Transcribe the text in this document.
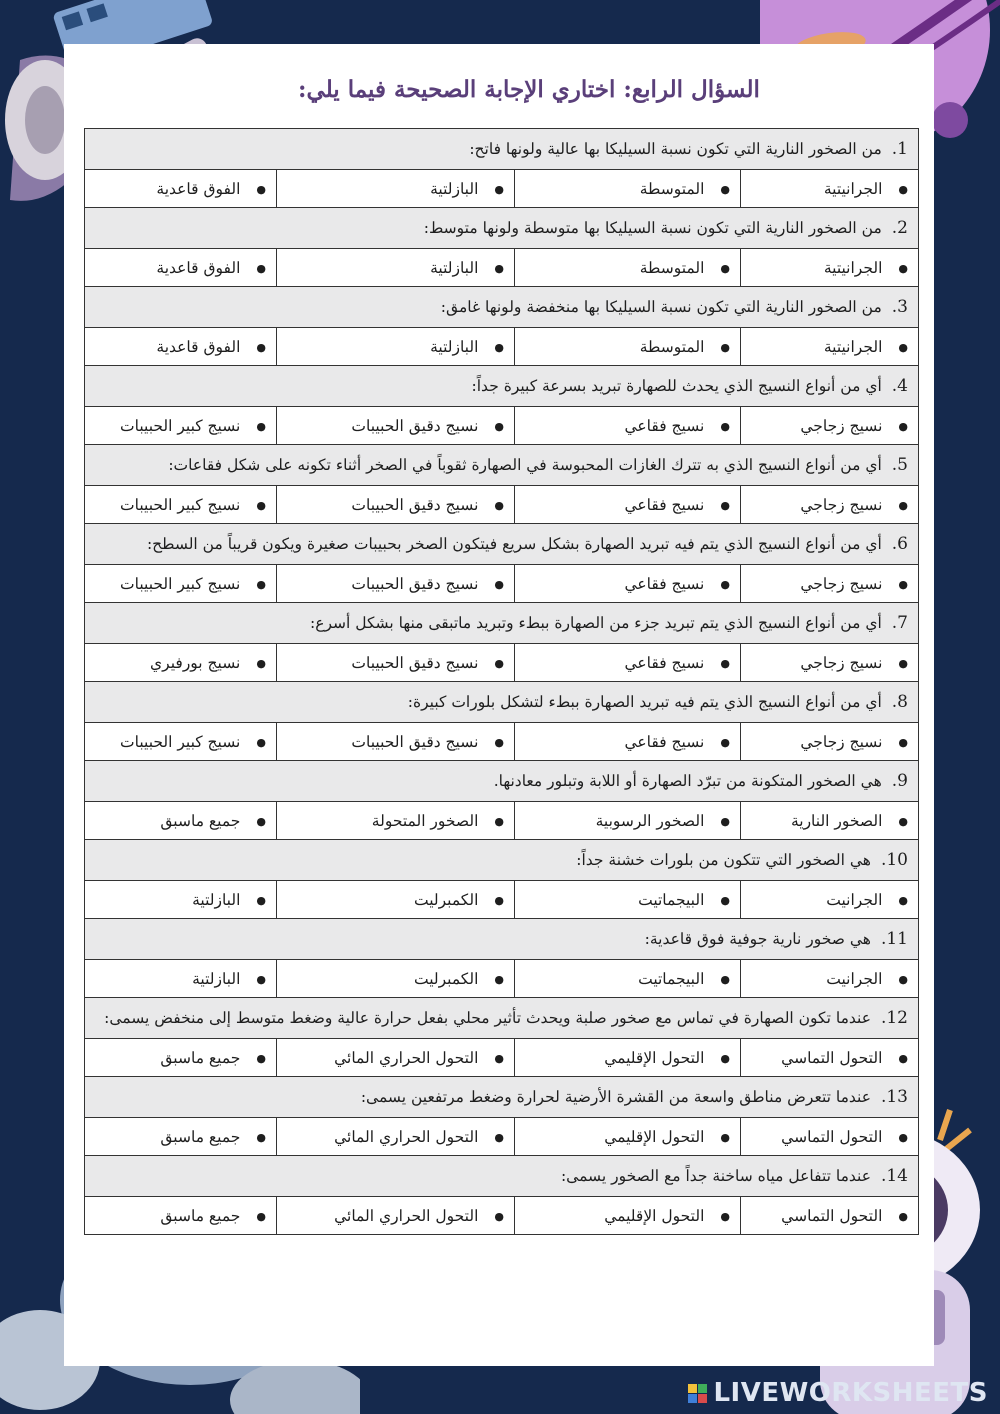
السؤال الرابع: اختاري الإجابة الصحيحة فيما يلي:
1.من الصخور النارية التي تكون نسبة السيليكا بها عالية ولونها فاتح:			
●الجرانيتية	●المتوسطة	●البازلتية	●الفوق قاعدية
2.من الصخور النارية التي تكون نسبة السيليكا بها متوسطة ولونها متوسط:			
●الجرانيتية	●المتوسطة	●البازلتية	●الفوق قاعدية
3.من الصخور النارية التي تكون نسبة السيليكا بها منخفضة ولونها غامق:			
●الجرانيتية	●المتوسطة	●البازلتية	●الفوق قاعدية
4.أي من أنواع النسيج الذي يحدث للصهارة تبريد بسرعة كبيرة جداً:			
●نسيج زجاجي	●نسيج فقاعي	●نسيج دقيق الحبيبات	●نسيج كبير الحبيبات
5.أي من أنواع النسيج الذي به تترك الغازات المحبوسة في الصهارة ثقوباً في الصخر أثناء تكونه على شكل فقاعات:			
●نسيج زجاجي	●نسيج فقاعي	●نسيج دقيق الحبيبات	●نسيج كبير الحبيبات
6.أي من أنواع النسيج الذي يتم فيه تبريد الصهارة بشكل سريع فيتكون الصخر بحبيبات صغيرة ويكون قريباً من السطح:			
●نسيج زجاجي	●نسيج فقاعي	●نسيج دقيق الحبيبات	●نسيج كبير الحبيبات
7.أي من أنواع النسيج الذي يتم تبريد جزء من الصهارة ببطء وتبريد ماتبقى منها بشكل أسرع:			
●نسيج زجاجي	●نسيج فقاعي	●نسيج دقيق الحبيبات	●نسيج بورفيري
8.أي من أنواع النسيج الذي يتم فيه تبريد الصهارة ببطء لتشكل بلورات كبيرة:			
●نسيج زجاجي	●نسيج فقاعي	●نسيج دقيق الحبيبات	●نسيج كبير الحبيبات
9.هي الصخور المتكونة من تبرّد الصهارة أو اللابة وتبلور معادنها.			
●الصخور النارية	●الصخور الرسوبية	●الصخور المتحولة	●جميع ماسبق
10.هي الصخور التي تتكون من بلورات خشنة جداً:			
●الجرانيت	●البيجماتيت	●الكمبرليت	●البازلتية
11.هي صخور نارية جوفية فوق قاعدية:			
●الجرانيت	●البيجماتيت	●الكمبرليت	●البازلتية
12.عندما تكون الصهارة في تماس مع صخور صلبة ويحدث تأثير محلي بفعل حرارة عالية وضغط متوسط إلى منخفض يسمى:			
●التحول التماسي	●التحول الإقليمي	●التحول الحراري المائي	●جميع ماسبق
13.عندما تتعرض مناطق واسعة من القشرة الأرضية لحرارة وضغط مرتفعين يسمى:			
●التحول التماسي	●التحول الإقليمي	●التحول الحراري المائي	●جميع ماسبق
14.عندما تتفاعل مياه ساخنة جداً مع الصخور يسمى:			
●التحول التماسي	●التحول الإقليمي	●التحول الحراري المائي	●جميع ماسبق
LIVEWORKSHEETS
